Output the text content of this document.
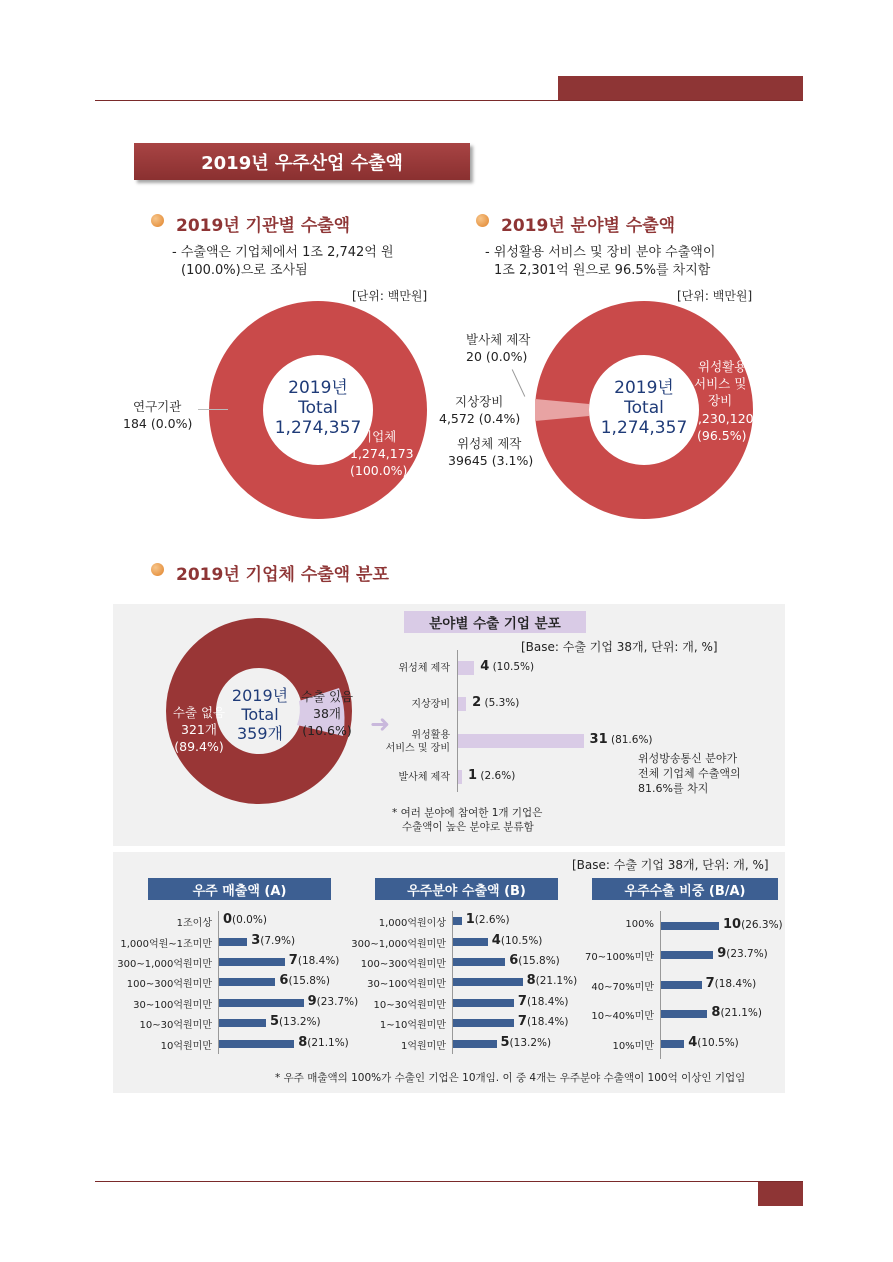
2019년 우주산업 수출액
2019년 기관별 수출액
- 수출액은 기업체에서 1조 2,742억 원
(100.0%)으로 조사됨
[단위: 백만원]
2019년
Total
1,274,357
연구기관
184 (0.0%)
기업체
1,274,173
(100.0%)
2019년 분야별 수출액
- 위성활용 서비스 및 장비 분야 수출액이
1조 2,301억 원으로 96.5%를 차지함
[단위: 백만원]
2019년
Total
1,274,357
발사체 제작
20 (0.0%)
지상장비
4,572 (0.4%)
위성체 제작
39645 (3.1%)
위성활용
서비스 및
장비
1,230,120
(96.5%)
2019년 기업체 수출액 분포
2019년
Total
359개
수출 없음
321개
(89.4%)
수출 있음
38개
(10.6%) ➜
분야별 수출 기업 분포
[Base: 수출 기업 38개, 단위: 개, %]
위성체 제작 4 (10.5%)
지상장비 2 (5.3%)
위성활용
서비스 및 장비
31 (81.6%)
발사체 제작 1 (2.6%)
위성방송통신 분야가
전체 기업체 수출액의
81.6%를 차지
* 여러 분야에 참여한 1개 기업은
수출액이 높은 분야로 분류함
[Base: 수출 기업 38개, 단위: 개, %]
우주 매출액 (A)	우주분야 수출액 (B)	우주수출 비중 (B/A)
1조이상 0(0.0%)
1,000억원~1조미만	3(7.9%)
300~1,000억원미만	7(18.4%)
100~300억원미만	6(15.8%)
30~100억원미만	9(23.7%)
10~30억원미만	5(13.2%)
10억원미만	8(21.1%)
1,000억원이상 1(2.6%)
300~1,000억원미만	4(10.5%)
100~300억원미만	6(15.8%)
30~100억원미만	8(21.1%)
10~30억원미만	7(18.4%)
1~10억원미만	7(18.4%)
1억원미만	5(13.2%)
100%	10(26.3%)
70~100%미만	9(23.7%)
40~70%미만	7(18.4%)
10~40%미만	8(21.1%)
10%미만	4(10.5%)
* 우주 매출액의 100%가 수출인 기업은 10개임. 이 중 4개는 우주분야 수출액이 100억 이상인 기업임
